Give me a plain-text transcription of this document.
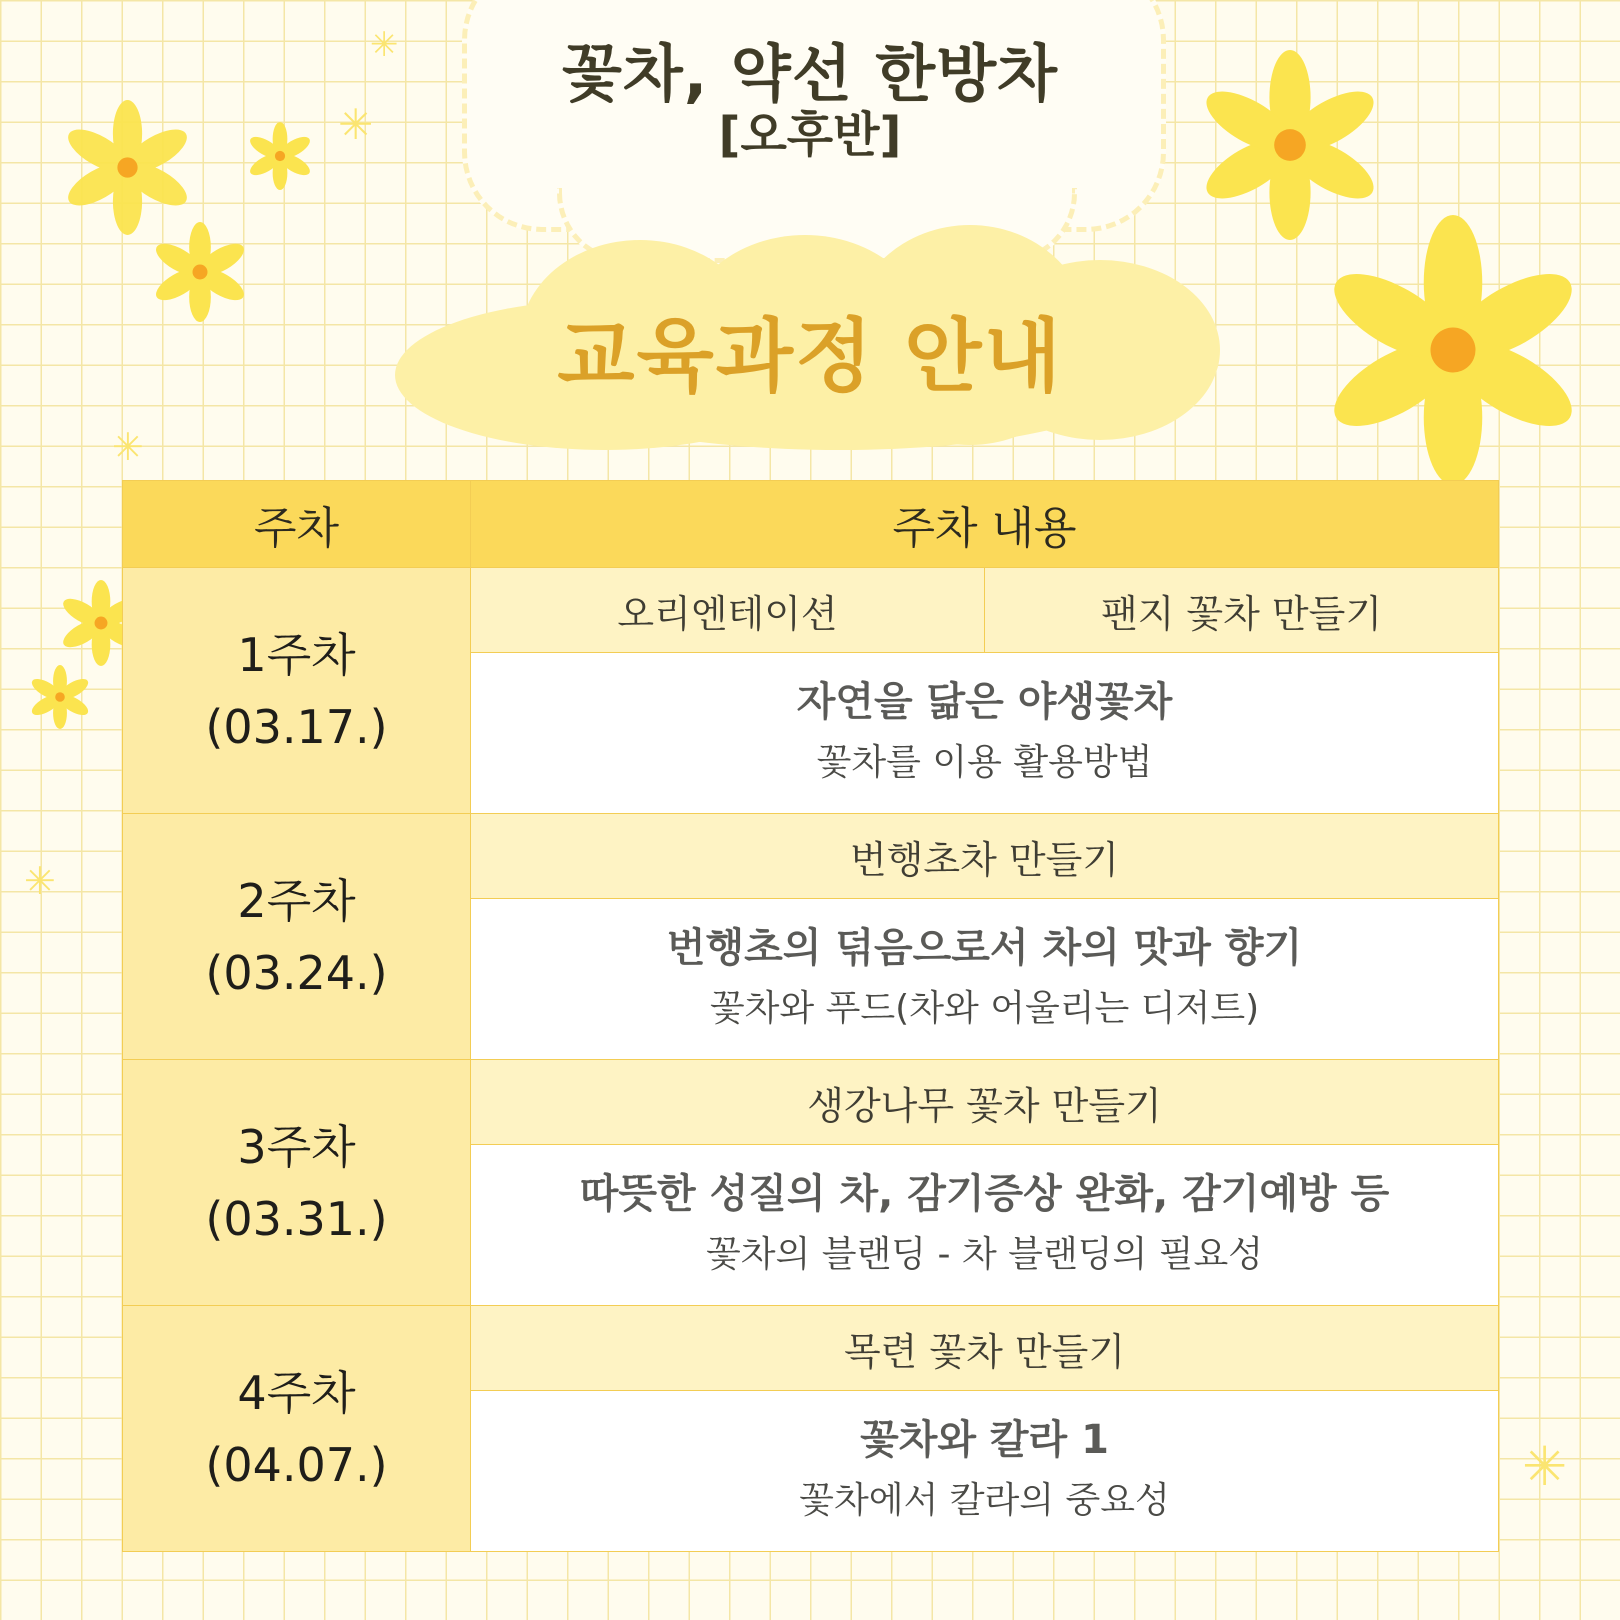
꽃차, 약선 한방차
[오후반]
교육과정 안내
✳
✳
✳
✳
✳
주차	주차 내용	

1주차
(03.17.)	오리엔테이션	팬지 꽃차 만들기

	자연을 닮은 야생꽃차
꽃차를 이용 활용방법	

2주차
(03.24.)	번행초차 만들기	

	번행초의 덖음으로서 차의 맛과 향기
꽃차와 푸드(차와 어울리는 디저트)	

3주차
(03.31.)	생강나무 꽃차 만들기	

	따뜻한 성질의 차, 감기증상 완화, 감기예방 등
꽃차의 블랜딩 - 차 블랜딩의 필요성	

4주차
(04.07.)	목련 꽃차 만들기	

	꽃차와 칼라 1
꽃차에서 칼라의 중요성	
